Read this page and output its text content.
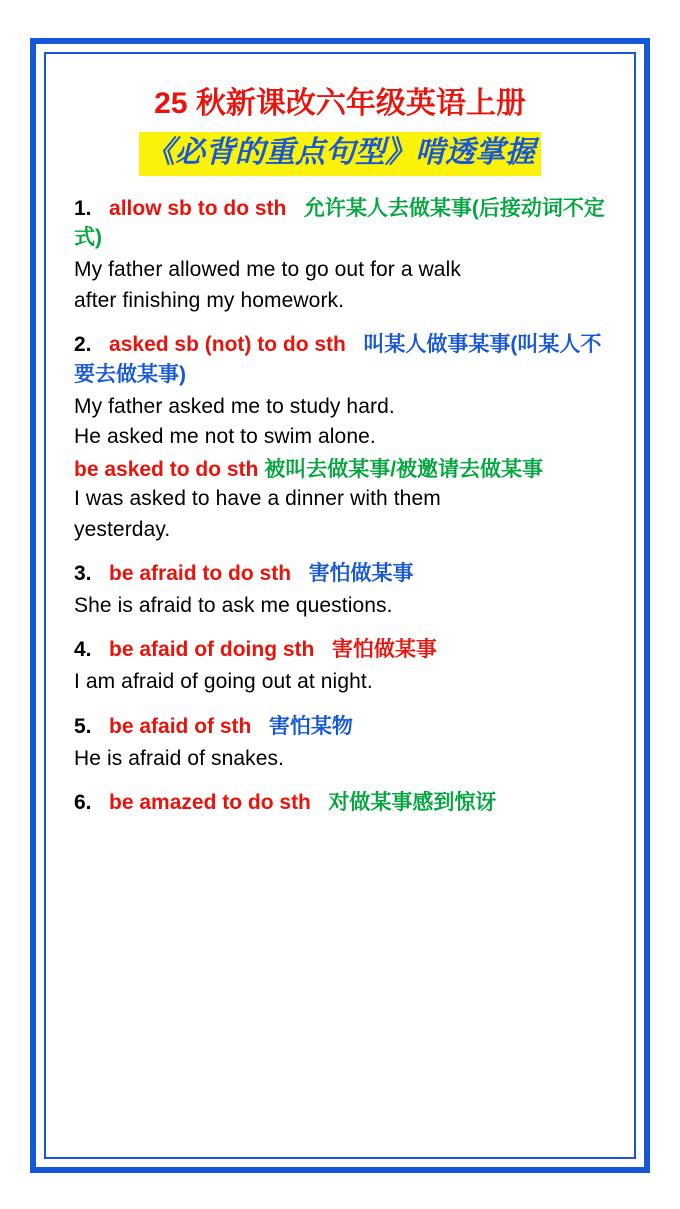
25 秋新课改六年级英语上册
《必背的重点句型》啃透掌握
1. allow sb to do sth 允许某人去做某事(后接动词不定式)
My father allowed me to go out for a walk
after finishing my homework.
2. asked sb (not) to do sth 叫某人做事某事(叫某人不要去做某事)
My father asked me to study hard.
He asked me not to swim alone.
be asked to do sth 被叫去做某事/被邀请去做某事
I was asked to have a dinner with them
yesterday.
3. be afraid to do sth 害怕做某事
She is afraid to ask me questions.
4. be afaid of doing sth 害怕做某事
I am afraid of going out at night.
5. be afaid of sth 害怕某物
He is afraid of snakes.
6. be amazed to do sth 对做某事感到惊讶
